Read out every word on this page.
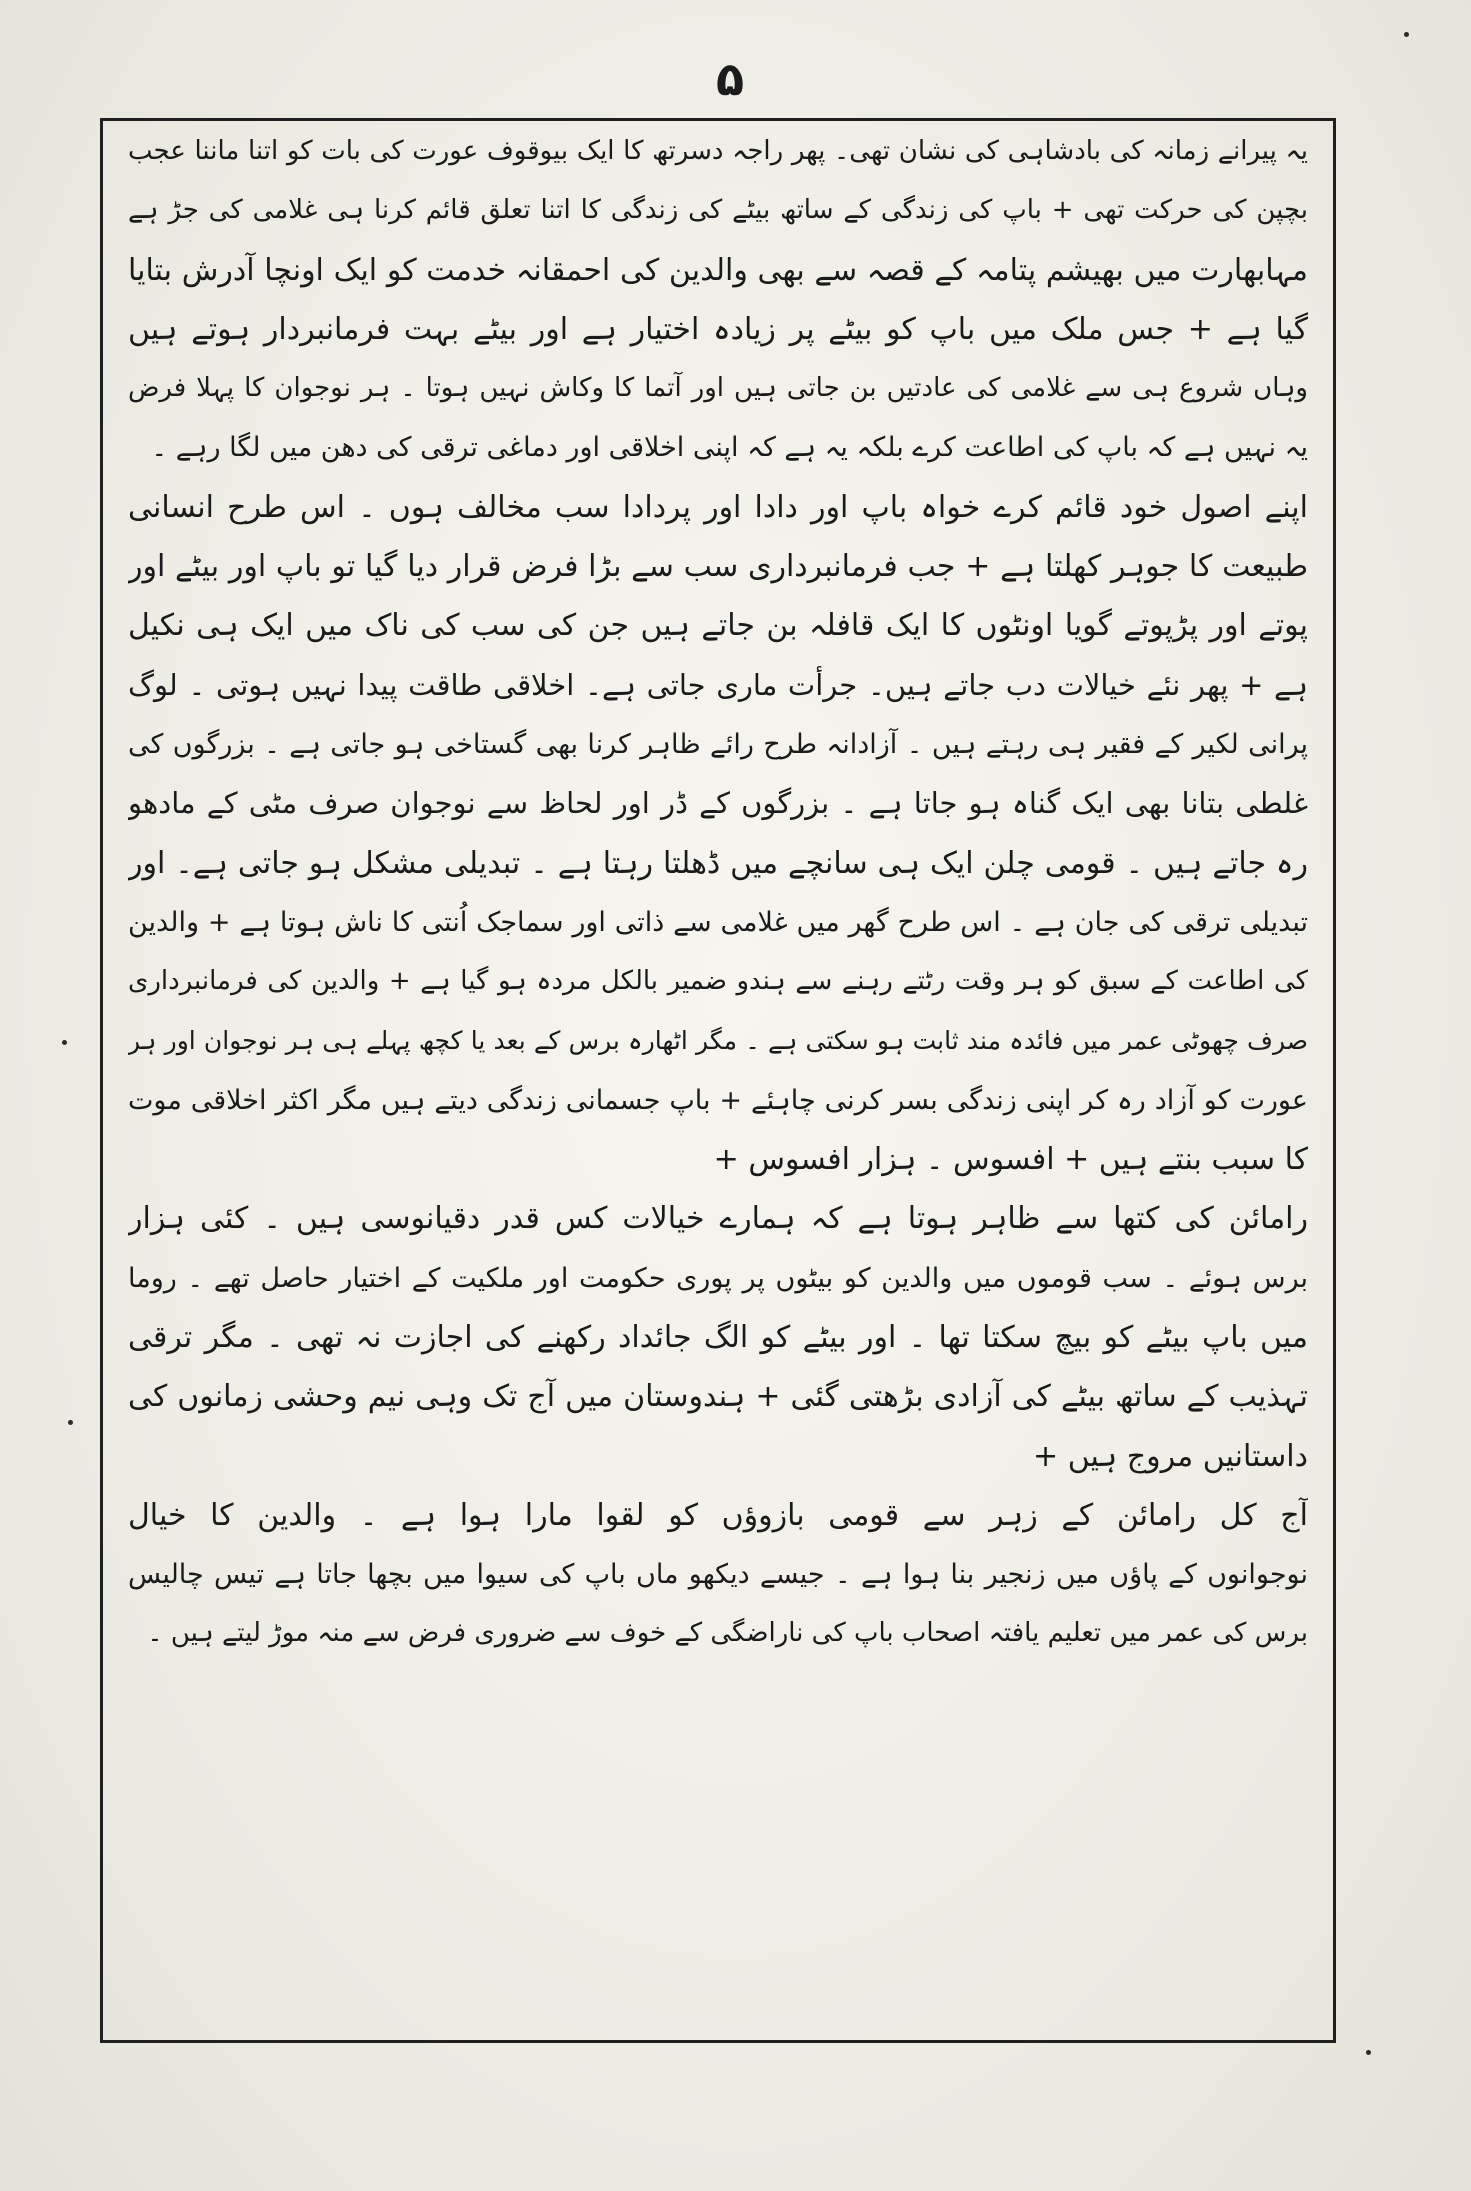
۵
یہ پیرانے زمانہ کی بادشاہی کی نشان تھی۔ پھر راجہ دسرتھ کا ایک بیوقوف عورت کی بات کو اتنا ماننا عجب
بچپن کی حرکت تھی + باپ کی زندگی کے ساتھ بیٹے کی زندگی کا اتنا تعلق قائم کرنا ہی غلامی کی جڑ ہے
مہابھارت میں بھیشم پتامہ کے قصہ سے بھی والدین کی احمقانہ خدمت کو ایک اونچا آدرش بتایا
گیا ہے + جس ملک میں باپ کو بیٹے پر زیادہ اختیار ہے اور بیٹے بہت فرمانبردار ہوتے ہیں
وہاں شروع ہی سے غلامی کی عادتیں بن جاتی ہیں اور آتما کا وکاش نہیں ہوتا ۔ ہر نوجوان کا پہلا فرض
یہ نہیں ہے کہ باپ کی اطاعت کرے بلکہ یہ ہے کہ اپنی اخلاقی اور دماغی ترقی کی دھن میں لگا رہے ۔
اپنے اصول خود قائم کرے خواہ باپ اور دادا اور پردادا سب مخالف ہوں ۔ اس طرح انسانی
طبیعت کا جوہر کھلتا ہے + جب فرمانبرداری سب سے بڑا فرض قرار دیا گیا تو باپ اور بیٹے اور
پوتے اور پڑپوتے گویا اونٹوں کا ایک قافلہ بن جاتے ہیں جن کی سب کی ناک میں ایک ہی نکیل
ہے + پھر نئے خیالات دب جاتے ہیں۔ جرأت ماری جاتی ہے۔ اخلاقی طاقت پیدا نہیں ہوتی ۔ لوگ
پرانی لکیر کے فقیر ہی رہتے ہیں ۔ آزادانہ طرح رائے ظاہر کرنا بھی گستاخی ہو جاتی ہے ۔ بزرگوں کی
غلطی بتانا بھی ایک گناہ ہو جاتا ہے ۔ بزرگوں کے ڈر اور لحاظ سے نوجوان صرف مٹی کے مادھو
رہ جاتے ہیں ۔ قومی چلن ایک ہی سانچے میں ڈھلتا رہتا ہے ۔ تبدیلی مشکل ہو جاتی ہے۔ اور
تبدیلی ترقی کی جان ہے ۔ اس طرح گھر میں غلامی سے ذاتی اور سماجک اُنتی کا ناش ہوتا ہے + والدین
کی اطاعت کے سبق کو ہر وقت رٹتے رہنے سے ہندو ضمیر بالکل مردہ ہو گیا ہے + والدین کی فرمانبرداری
صرف چھوٹی عمر میں فائدہ مند ثابت ہو سکتی ہے ۔ مگر اٹھارہ برس کے بعد یا کچھ پہلے ہی ہر نوجوان اور ہر
عورت کو آزاد رہ کر اپنی زندگی بسر کرنی چاہئے + باپ جسمانی زندگی دیتے ہیں مگر اکثر اخلاقی موت
کا سبب بنتے ہیں + افسوس ۔ ہزار افسوس +
رامائن کی کتھا سے ظاہر ہوتا ہے کہ ہمارے خیالات کس قدر دقیانوسی ہیں ۔ کئی ہزار
برس ہوئے ۔ سب قوموں میں والدین کو بیٹوں پر پوری حکومت اور ملکیت کے اختیار حاصل تھے ۔ روما
میں باپ بیٹے کو بیچ سکتا تھا ۔ اور بیٹے کو الگ جائداد رکھنے کی اجازت نہ تھی ۔ مگر ترقی
تہذیب کے ساتھ بیٹے کی آزادی بڑھتی گئی + ہندوستان میں آج تک وہی نیم وحشی زمانوں کی
داستانیں مروج ہیں +
آج کل رامائن کے زہر سے قومی بازوؤں کو لقوا مارا ہوا ہے ۔ والدین کا خیال
نوجوانوں کے پاؤں میں زنجیر بنا ہوا ہے ۔ جیسے دیکھو ماں باپ کی سیوا میں بچھا جاتا ہے تیس چالیس
برس کی عمر میں تعلیم یافتہ اصحاب باپ کی ناراضگی کے خوف سے ضروری فرض سے منہ موڑ لیتے ہیں ۔
